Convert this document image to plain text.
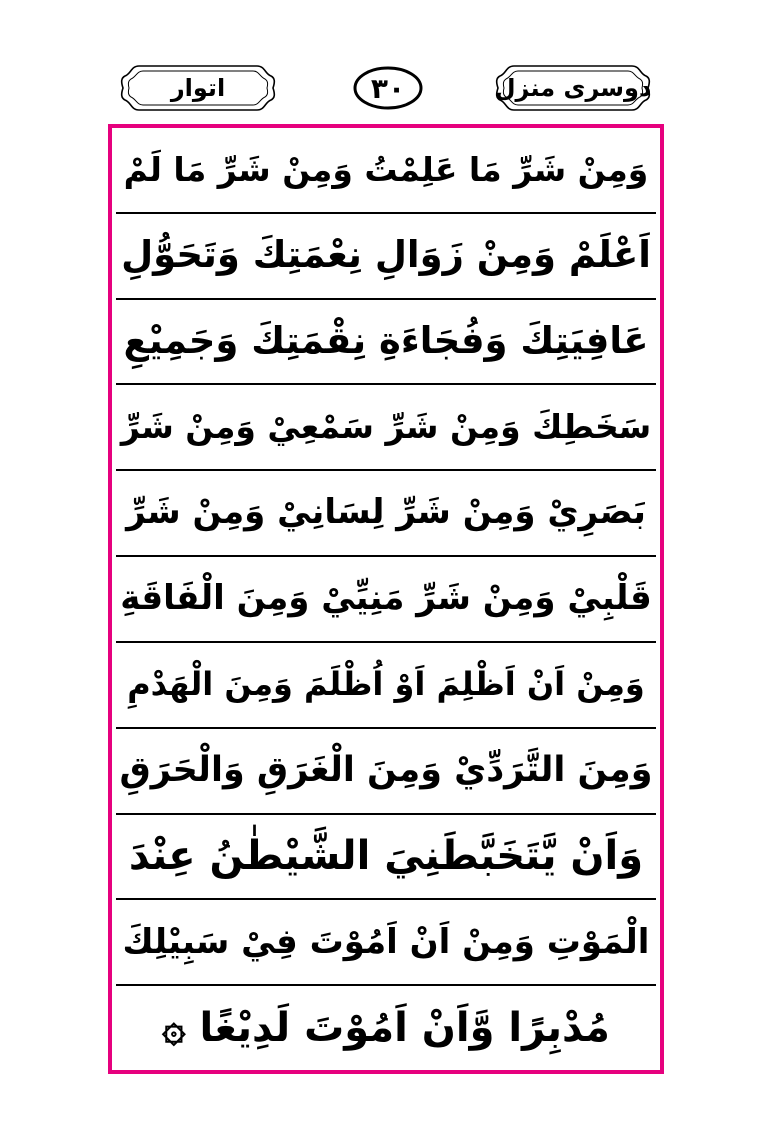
اتوار	۳۰	دوسری منزل
وَمِنْ شَرِّ مَا عَلِمْتُ وَمِنْ شَرِّ مَا لَمْ
اَعْلَمْ وَمِنْ زَوَالِ نِعْمَتِكَ وَتَحَوُّلِ
عَافِيَتِكَ وَفُجَاءَةِ نِقْمَتِكَ وَجَمِيْعِ
سَخَطِكَ وَمِنْ شَرِّ سَمْعِيْ وَمِنْ شَرِّ
بَصَرِيْ وَمِنْ شَرِّ لِسَانِيْ وَمِنْ شَرِّ
قَلْبِيْ وَمِنْ شَرِّ مَنِيِّيْ وَمِنَ الْفَاقَةِ
وَمِنْ اَنْ اَظْلِمَ اَوْ اُظْلَمَ وَمِنَ الْهَدْمِ
وَمِنَ التَّرَدِّيْ وَمِنَ الْغَرَقِ وَالْحَرَقِ
وَاَنْ يَّتَخَبَّطَنِيَ الشَّيْطٰنُ عِنْدَ
الْمَوْتِ وَمِنْ اَنْ اَمُوْتَ فِيْ سَبِيْلِكَ
مُدْبِرًا وَّاَنْ اَمُوْتَ لَدِيْغًا ۞
